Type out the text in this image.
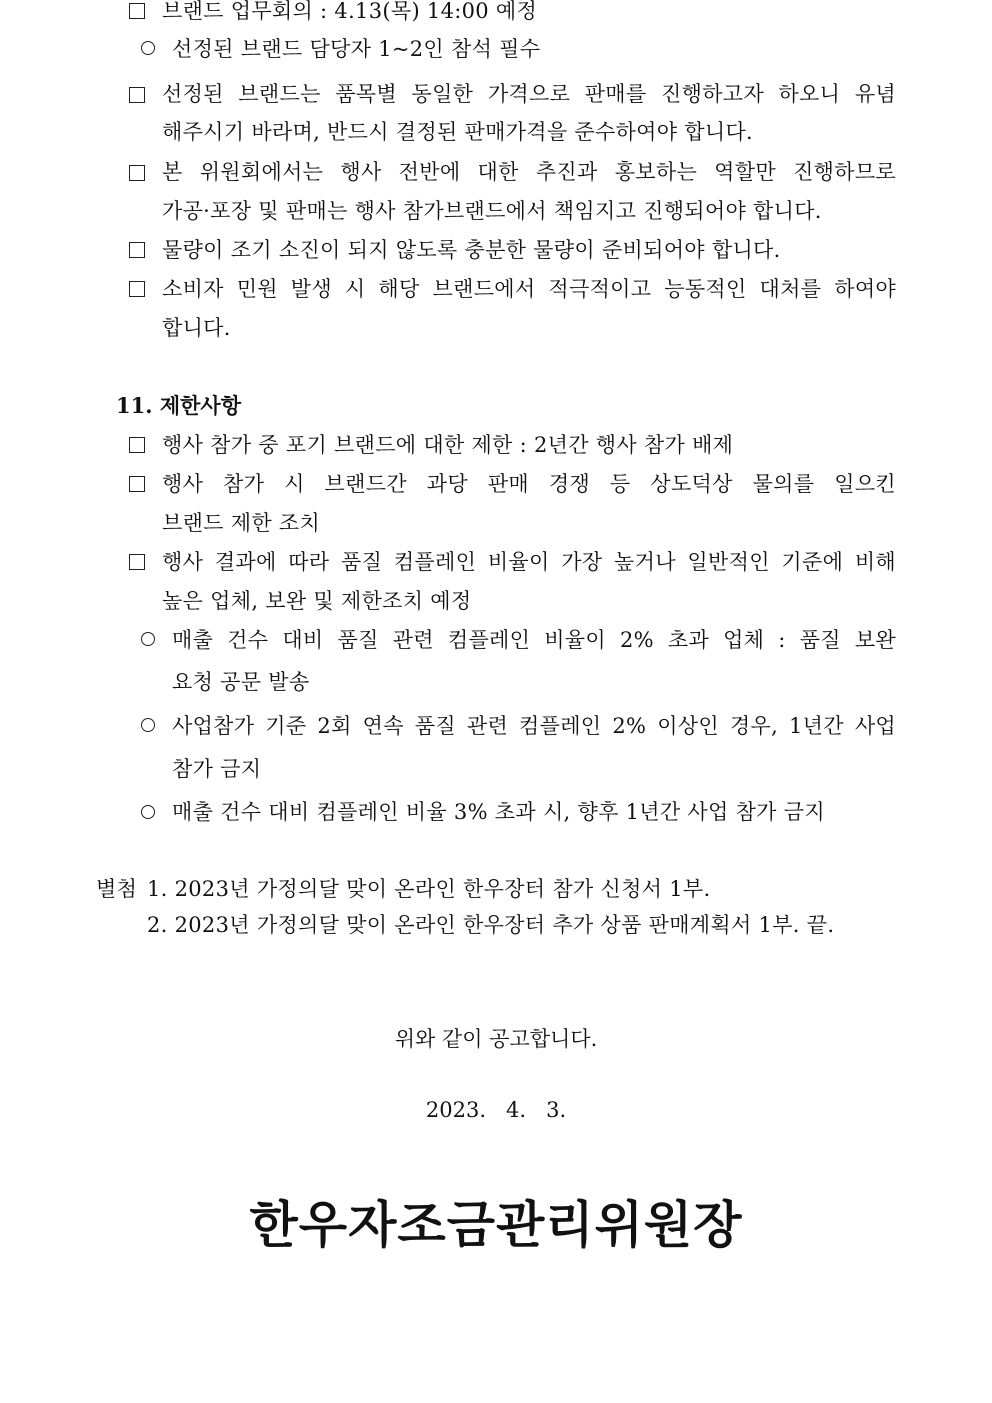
브랜드 업무회의 : 4.13(목) 14:00 예정
선정된 브랜드 담당자 1~2인 참석 필수
선정된 브랜드는 품목별 동일한 가격으로 판매를 진행하고자 하오니 유념
해주시기 바라며, 반드시 결정된 판매가격을 준수하여야 합니다.
본 위원회에서는 행사 전반에 대한 추진과 홍보하는 역할만 진행하므로
가공·포장 및 판매는 행사 참가브랜드에서 책임지고 진행되어야 합니다.
물량이 조기 소진이 되지 않도록 충분한 물량이 준비되어야 합니다.
소비자 민원 발생 시 해당 브랜드에서 적극적이고 능동적인 대처를 하여야
합니다.
11. 제한사항
행사 참가 중 포기 브랜드에 대한 제한 : 2년간 행사 참가 배제
행사 참가 시 브랜드간 과당 판매 경쟁 등 상도덕상 물의를 일으킨
브랜드 제한 조치
행사 결과에 따라 품질 컴플레인 비율이 가장 높거나 일반적인 기준에 비해
높은 업체, 보완 및 제한조치 예정
매출 건수 대비 품질 관련 컴플레인 비율이 2% 초과 업체 : 품질 보완
요청 공문 발송
사업참가 기준 2회 연속 품질 관련 컴플레인 2% 이상인 경우, 1년간 사업
참가 금지
매출 건수 대비 컴플레인 비율 3% 초과 시, 향후 1년간 사업 참가 금지
별첨 1. 2023년 가정의달 맞이 온라인 한우장터 참가 신청서 1부.
2. 2023년 가정의달 맞이 온라인 한우장터 추가 상품 판매계획서 1부. 끝.
위와 같이 공고합니다.
2023.   4.   3.
한우자조금관리위원장
